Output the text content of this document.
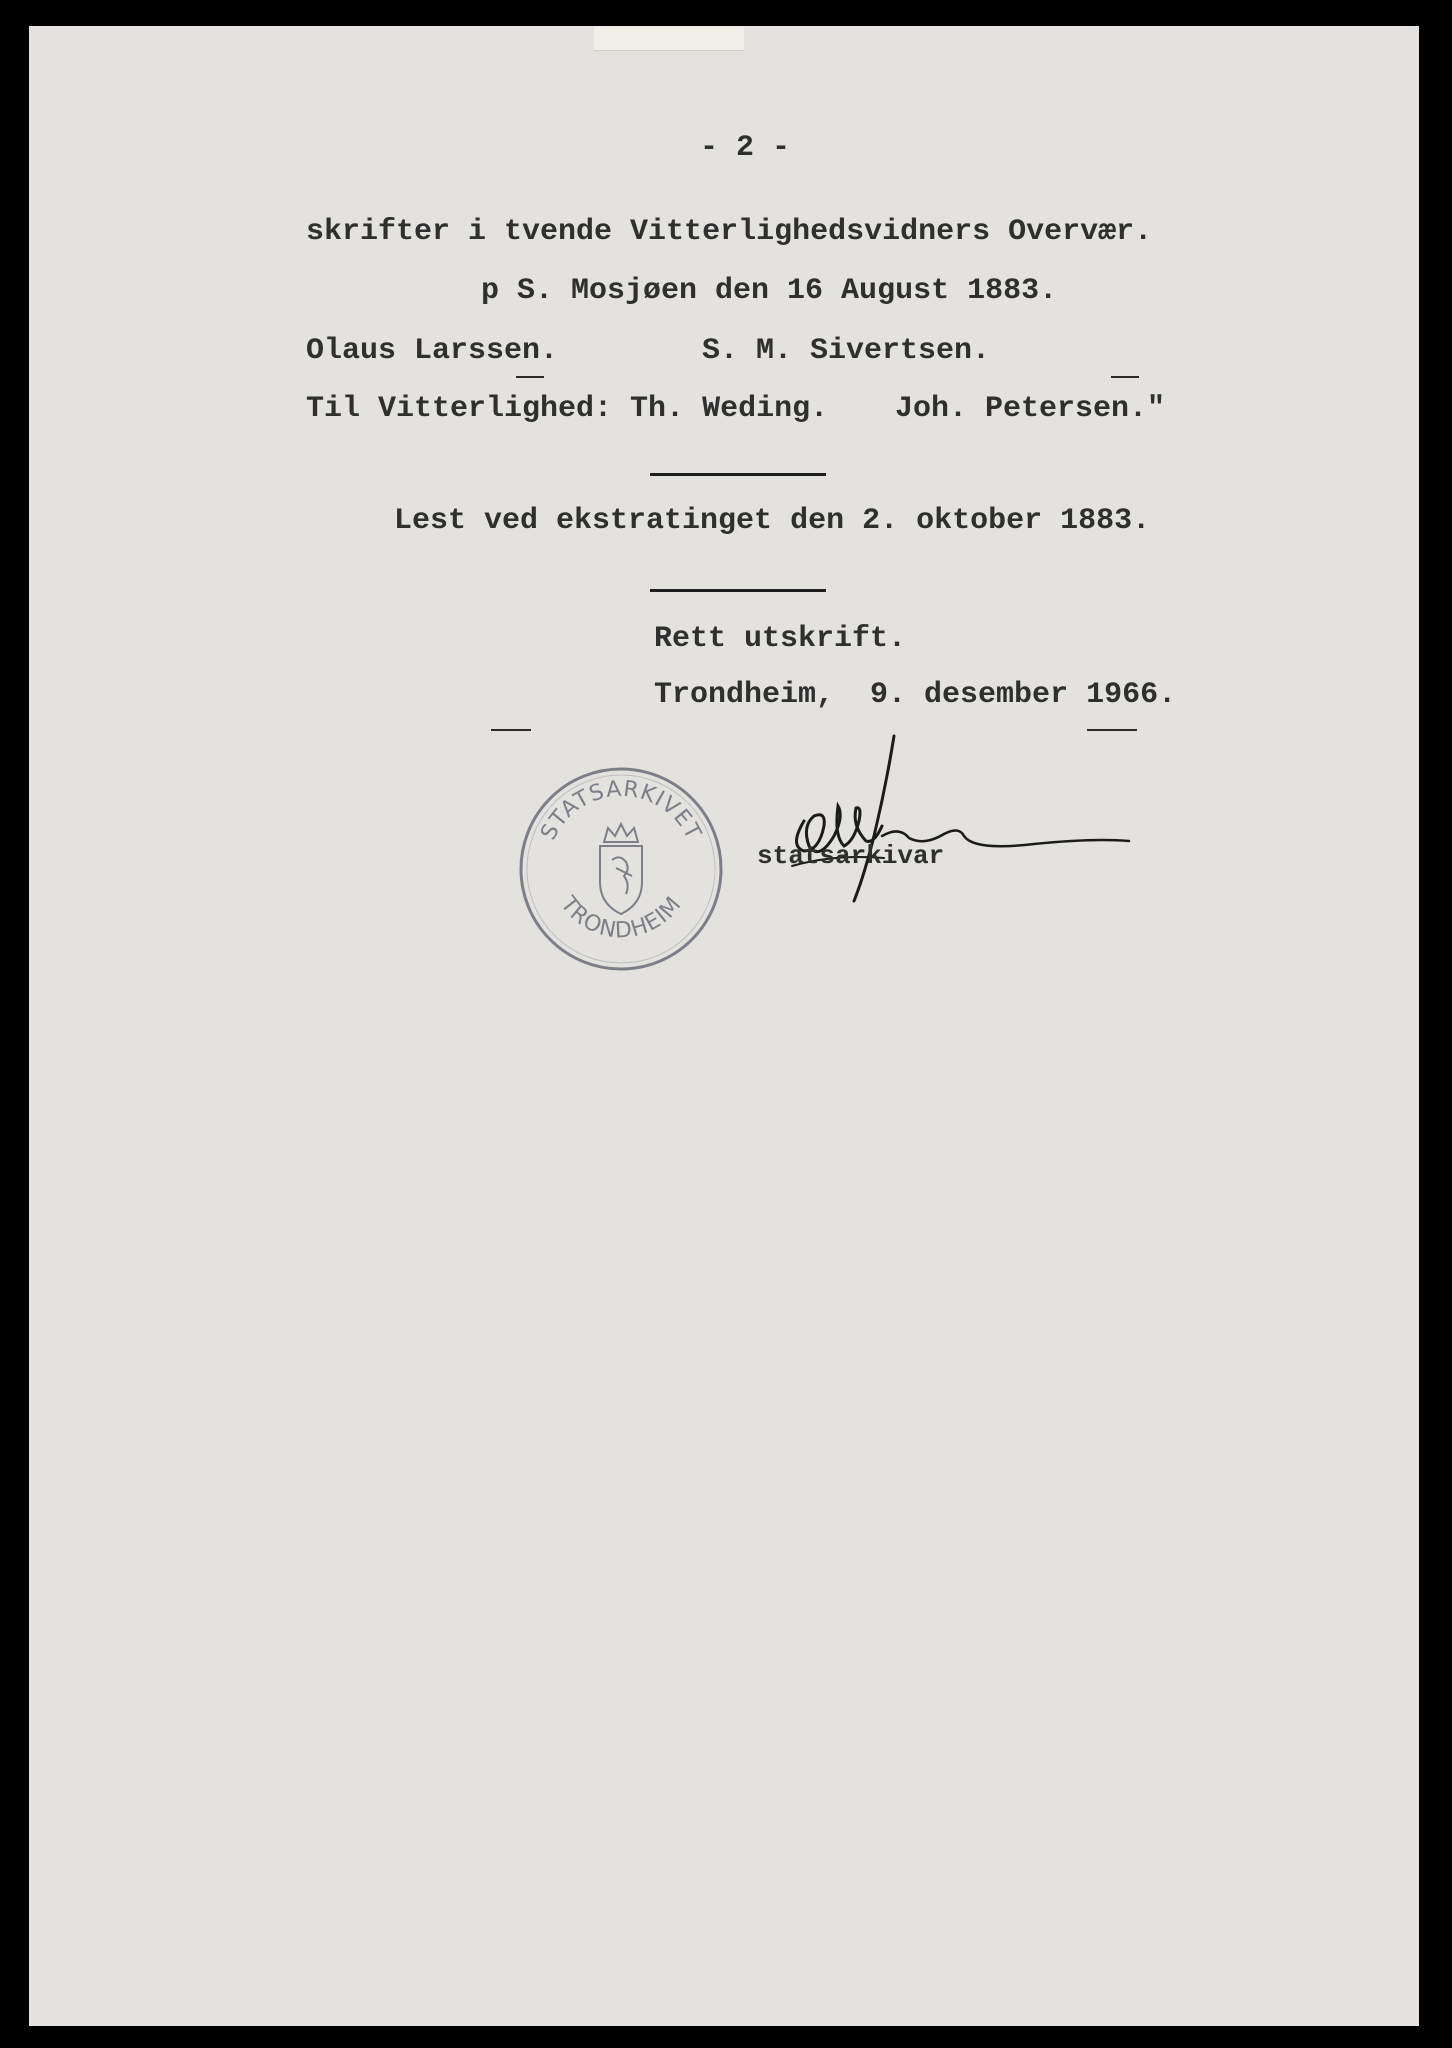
- 2 -
skrifter i tvende Vitterlighedsvidners Overvær.
p S. Mosjøen den 16 August 1883.
Olaus Larssen.	S. M. Sivertsen.
Til Vitterlighed: Th. Weding. Joh. Petersen."
Lest ved ekstratinget den 2. oktober 1883.
Rett utskrift.
Trondheim,  9. desember 1966.
STATSARKIVET
TRONDHEIM
statsarkivar
